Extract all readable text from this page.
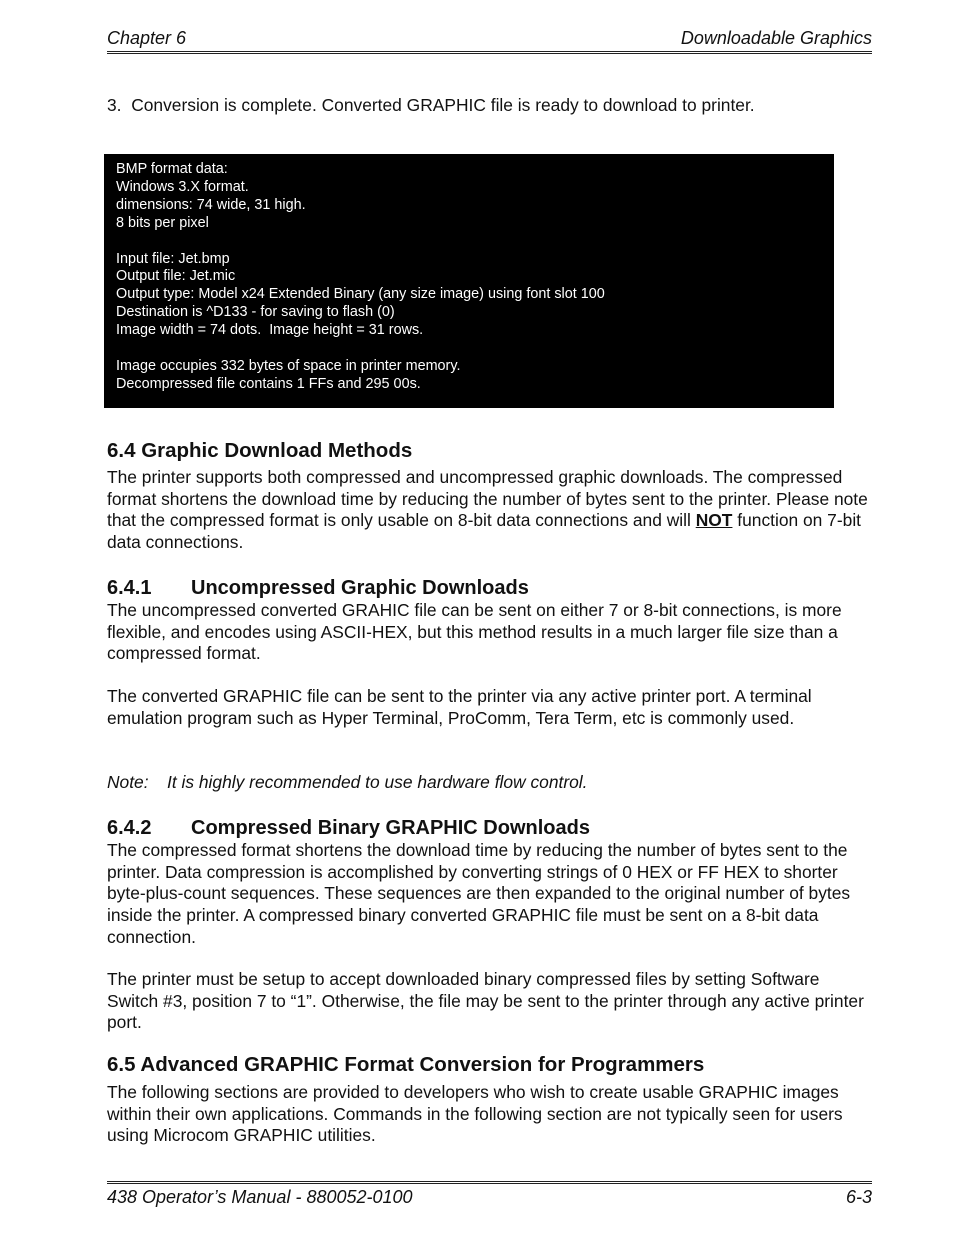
Chapter 6	Downloadable Graphics

3. Conversion is complete. Converted GRAPHIC file is ready to download to printer.

BMP format data:
Windows 3.X format.
dimensions: 74 wide, 31 high.
8 bits per pixel

Input file: Jet.bmp
Output file: Jet.mic
Output type: Model x24 Extended Binary (any size image) using font slot 100
Destination is ^D133 - for saving to flash (0)
Image width = 74 dots.  Image height = 31 rows.

Image occupies 332 bytes of space in printer memory.
Decompressed file contains 1 FFs and 295 00s.
6.4 Graphic Download Methods

The printer supports both compressed and uncompressed graphic downloads. The compressed format shortens the download time by reducing the number of bytes sent to the printer. Please note that the compressed format is only usable on 8-bit data connections and will NOT function on 7-bit data connections.

6.4.1 Uncompressed Graphic Downloads

The uncompressed converted GRAHIC file can be sent on either 7 or 8-bit connections, is more flexible, and encodes using ASCII-HEX, but this method results in a much larger file size than a compressed format.

The converted GRAPHIC file can be sent to the printer via any active printer port. A terminal emulation program such as Hyper Terminal, ProComm, Tera Term, etc is commonly used.

Note: It is highly recommended to use hardware flow control.

6.4.2 Compressed Binary GRAPHIC Downloads

The compressed format shortens the download time by reducing the number of bytes sent to the printer. Data compression is accomplished by converting strings of 0 HEX or FF HEX to shorter byte-plus-count sequences. These sequences are then expanded to the original number of bytes inside the printer. A compressed binary converted GRAPHIC file must be sent on a 8-bit data connection.

The printer must be setup to accept downloaded binary compressed files by setting Software Switch #3, position 7 to “1”. Otherwise, the file may be sent to the printer through any active printer port.

6.5 Advanced GRAPHIC Format Conversion for Programmers

The following sections are provided to developers who wish to create usable GRAPHIC images within their own applications. Commands in the following section are not typically seen for users using Microcom GRAPHIC utilities.

438 Operator’s Manual - 880052-0100	6-3
